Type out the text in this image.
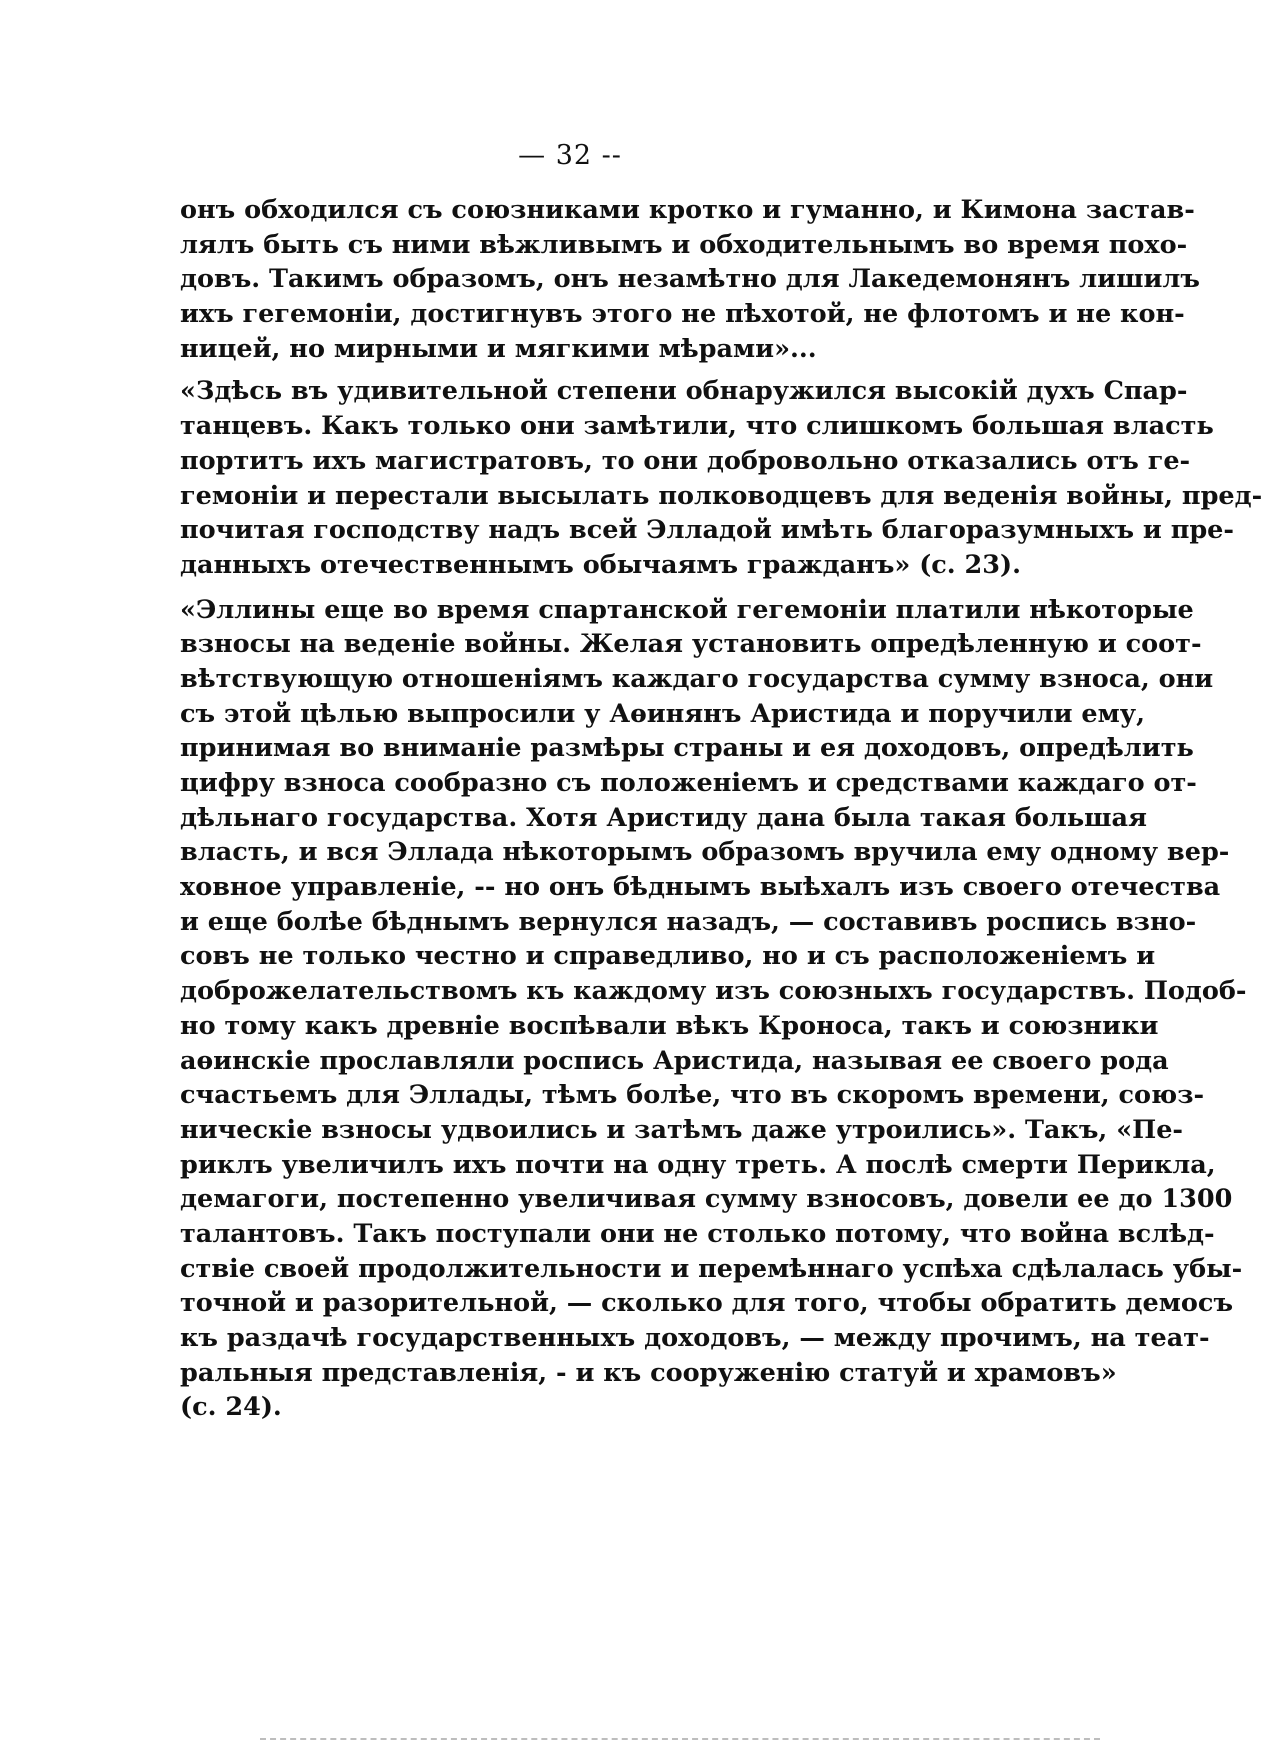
— 32 --
онъ обходился съ союзниками кротко и гуманно, и Кимона застав-
лялъ быть съ ними вѣжливымъ и обходительнымъ во время похо-
довъ. Такимъ образомъ, онъ незамѣтно для Лакедемонянъ лишилъ
ихъ гегемоніи, достигнувъ этого не пѣхотой, не флотомъ и не кон-
ницей, но мирными и мягкими мѣрами»...
«Здѣсь въ удивительной степени обнаружился высокій духъ Спар-
танцевъ. Какъ только они замѣтили, что слишкомъ большая власть
портитъ ихъ магистратовъ, то они добровольно отказались отъ ге-
гемоніи и перестали высылать полководцевъ для веденія войны, пред-
почитая господству надъ всей Элладой имѣть благоразумныхъ и пре-
данныхъ отечественнымъ обычаямъ гражданъ» (с. 23).
«Эллины еще во время спартанской гегемоніи платили нѣкоторые
взносы на веденіе войны. Желая установить опредѣленную и соот-
вѣтствующую отношеніямъ каждаго государства сумму взноса, они
съ этой цѣлью выпросили у Аѳинянъ Аристида и поручили ему,
принимая во вниманіе размѣры страны и ея доходовъ, опредѣлить
цифру взноса сообразно съ положеніемъ и средствами каждаго от-
дѣльнаго государства. Хотя Аристиду дана была такая большая
власть, и вся Эллада нѣкоторымъ образомъ вручила ему одному вер-
ховное управленіе, -- но онъ бѣднымъ выѣхалъ изъ своего отечества
и еще болѣе бѣднымъ вернулся назадъ, — составивъ роспись взно-
совъ не только честно и справедливо, но и съ расположеніемъ и
доброжелательствомъ къ каждому изъ союзныхъ государствъ. Подоб-
но тому какъ древніе воспѣвали вѣкъ Кроноса, такъ и союзники
аѳинскіе прославляли роспись Аристида, называя ее своего рода
счастьемъ для Эллады, тѣмъ болѣе, что въ скоромъ времени, союз-
ническіе взносы удвоились и затѣмъ даже утроились». Такъ, «Пе-
риклъ увеличилъ ихъ почти на одну треть. А послѣ смерти Перикла,
демагоги, постепенно увеличивая сумму взносовъ, довели ее до 1300
талантовъ. Такъ поступали они не столько потому, что война вслѣд-
ствіе своей продолжительности и перемѣннаго успѣха сдѣлалась убы-
точной и разорительной, — сколько для того, чтобы обратить демосъ
къ раздачѣ государственныхъ доходовъ, — между прочимъ, на теат-
ральныя представленія, - и къ сооруженію статуй и храмовъ»
(с. 24).
